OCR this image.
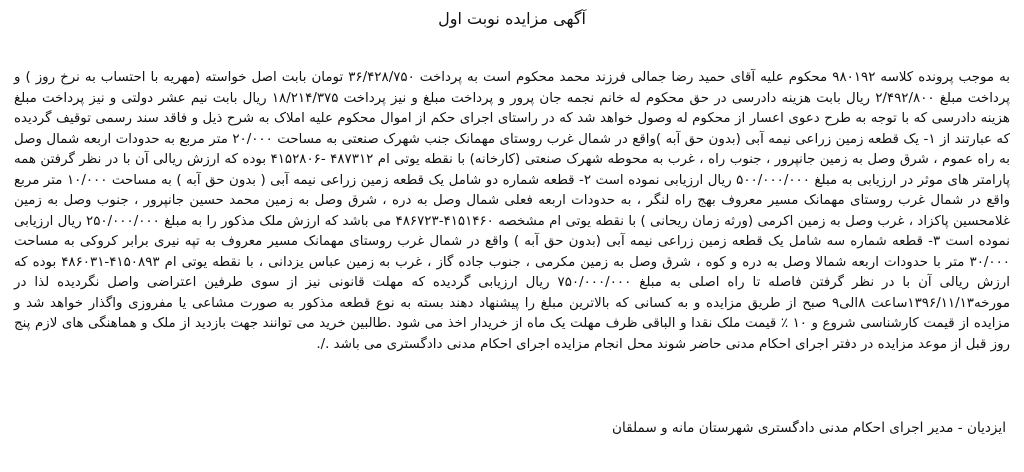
آگهی مزایده نوبت اول

به موجب پرونده کلاسه ۹۸۰۱۹۲ محکوم علیه آقای حمید رضا جمالی فرزند محمد محکوم است به پرداخت ۳۶/۴۲۸/۷۵۰ تومان بابت اصل خواسته (مهریه با احتساب به نرخ روز ) و پرداخت مبلغ ۲/۴۹۲/۸۰۰ ریال بابت هزینه دادرسی در حق محکوم له خانم نجمه جان پرور و پرداخت مبلغ و نیز پرداخت ۱۸/۲۱۴/۳۷۵ ریال بابت نیم عشر دولتی و نیز پرداخت مبلغ هزینه دادرسی که با توجه به طرح دعوی اعسار از محکوم له وصول خواهد شد که در راستای اجرای حکم از اموال محکوم علیه املاک به شرح ذیل و فاقد سند رسمی توقیف گردیده که عبارتند از ۱- یک قطعه زمین زراعی نیمه آبی (بدون حق آبه )واقع در شمال غرب روستای مهمانک جنب شهرک صنعتی به مساحت ۲۰/۰۰۰ متر مربع به حدودات اربعه شمال وصل به راه عموم ، شرق وصل به زمین جانپرور ، جنوب راه ، غرب به محوطه شهرک صنعتی (کارخانه) با نقطه یوتی ام ۴۸۷۳۱۲ -۴۱۵۲۸۰۶ بوده که ارزش ریالی آن با در نظر گرفتن همه پارامتر های موثر در ارزیابی به مبلغ ۵۰۰/۰۰۰/۰۰۰ ریال ارزیابی نموده است ۲- قطعه شماره دو شامل یک قطعه زمین زراعی نیمه آبی ( بدون حق آبه ) به مساحت ۱۰/۰۰۰ متر مربع واقع در شمال غرب روستای مهمانک مسیر معروف بهج راه لنگر ، به حدودات اربعه فعلی شمال وصل به دره ، شرق وصل به زمین محمد حسین جانپرور ، جنوب وصل به زمین غلامحسین پاکزاد ، غرب وصل به زمین اکرمی (ورثه زمان ریحانی ) با نقطه یوتی ام مشخصه ۴۱۵۱۴۶۰-۴۸۶۷۲۳ می باشد که ارزش ملک مذکور را به مبلغ ۲۵۰/۰۰۰/۰۰۰ ریال ارزیابی نموده است ۳- قطعه شماره سه شامل یک قطعه زمین زراعی نیمه آبی (بدون حق آبه ) واقع در شمال غرب روستای مهمانک مسیر معروف به تپه نیری برابر کروکی به مساحت ۳۰/۰۰۰ متر با حدودات اربعه شمالا وصل به دره و کوه ، شرق وصل به زمین مکرمی ، جنوب جاده گاز ، غرب به زمین عباس یزدانی ، با نقطه یوتی ام ۴۱۵۰۸۹۳-۴۸۶۰۳۱ بوده که ارزش ریالی آن با در نظر گرفتن فاصله تا راه اصلی به مبلغ ۷۵۰/۰۰۰/۰۰۰ ریال ارزیابی گردیده که مهلت قانونی نیز از سوی طرفین اعتراضی واصل نگردیده لذا در مورخه۱۳۹۶/۱۱/۱۳ساعت ۸الی۹ صبح از طریق مزایده و به کسانی که بالاترین مبلغ را پیشنهاد دهند بسته به نوع قطعه مذکور به صورت مشاعی یا مفروزی واگذار خواهد شد و مزایده از قیمت کارشناسی شروع و ۱۰ ٪ قیمت ملک نقدا و الباقی ظرف مهلت یک ماه از خریدار اخذ می شود .طالبین خرید می توانند جهت بازدید از ملک و هماهنگی های لازم پنج روز قبل از موعد مزایده در دفتر اجرای احکام مدنی حاضر شوند محل انجام مزایده اجرای احکام مدنی دادگستری می باشد ./.

ایزدیان - مدیر اجرای احکام مدنی دادگستری شهرستان مانه و سملقان
